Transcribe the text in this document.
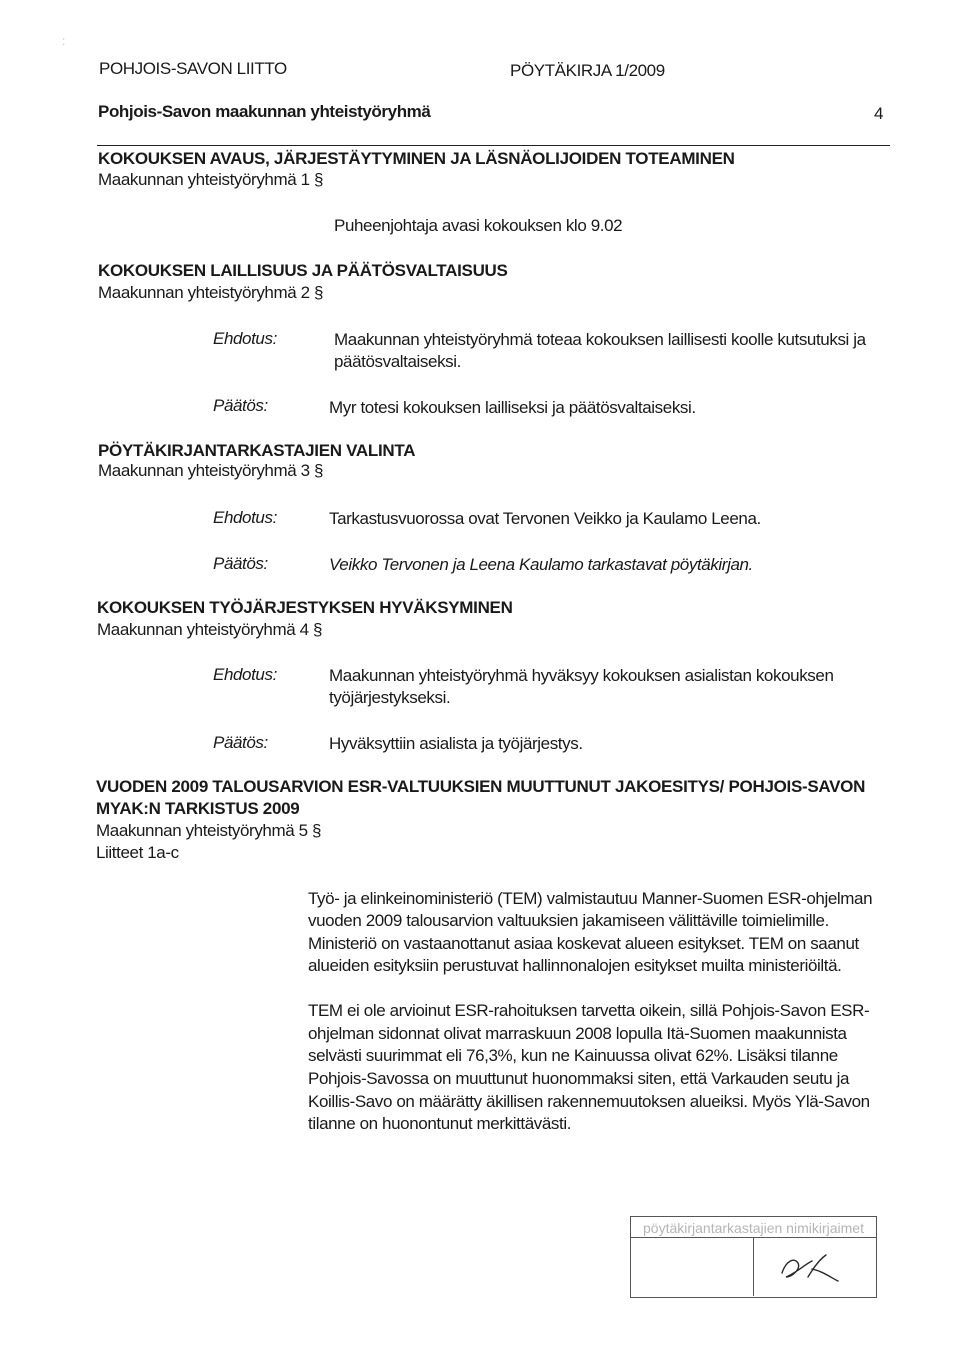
:
POHJOIS-SAVON LIITTO	PÖYTÄKIRJA 1/2009
Pohjois-Savon maakunnan yhteistyöryhmä	4
KOKOUKSEN AVAUS, JÄRJESTÄYTYMINEN JA LÄSNÄOLIJOIDEN TOTEAMINEN
Maakunnan yhteistyöryhmä 1 §
Puheenjohtaja avasi kokouksen klo 9.02
KOKOUKSEN LAILLISUUS JA PÄÄTÖSVALTAISUUS
Maakunnan yhteistyöryhmä 2 §
Ehdotus:	Maakunnan yhteistyöryhmä toteaa kokouksen laillisesti koolle kutsutuksi ja
päätösvaltaiseksi.
Päätös:	Myr totesi kokouksen lailliseksi ja päätösvaltaiseksi.
PÖYTÄKIRJANTARKASTAJIEN VALINTA
Maakunnan yhteistyöryhmä 3 §
Ehdotus:	Tarkastusvuorossa ovat Tervonen Veikko ja Kaulamo Leena.
Päätös:	Veikko Tervonen ja Leena Kaulamo tarkastavat pöytäkirjan.
KOKOUKSEN TYÖJÄRJESTYKSEN HYVÄKSYMINEN
Maakunnan yhteistyöryhmä 4 §
Ehdotus:	Maakunnan yhteistyöryhmä hyväksyy kokouksen asialistan kokouksen
työjärjestykseksi.
Päätös:	Hyväksyttiin asialista ja työjärjestys.
VUODEN 2009 TALOUSARVION ESR-VALTUUKSIEN MUUTTUNUT JAKOESITYS/ POHJOIS-SAVON
MYAK:N TARKISTUS 2009
Maakunnan yhteistyöryhmä 5 §
Liitteet 1a-c
Työ- ja elinkeinoministeriö (TEM) valmistautuu Manner-Suomen ESR-ohjelman
vuoden 2009 talousarvion valtuuksien jakamiseen välittäville toimielimille.
Ministeriö on vastaanottanut asiaa koskevat alueen esitykset. TEM on saanut
alueiden esityksiin perustuvat hallinnonalojen esitykset muilta ministeriöiltä.
TEM ei ole arvioinut ESR-rahoituksen tarvetta oikein, sillä Pohjois-Savon ESR-
ohjelman sidonnat olivat marraskuun 2008 lopulla Itä-Suomen maakunnista
selvästi suurimmat eli 76,3%, kun ne Kainuussa olivat 62%. Lisäksi tilanne
Pohjois-Savossa on muuttunut huonommaksi siten, että Varkauden seutu ja
Koillis-Savo on määrätty äkillisen rakennemuutoksen alueiksi. Myös Ylä-Savon
tilanne on huonontunut merkittävästi.
pöytäkirjantarkastajien nimikirjaimet
